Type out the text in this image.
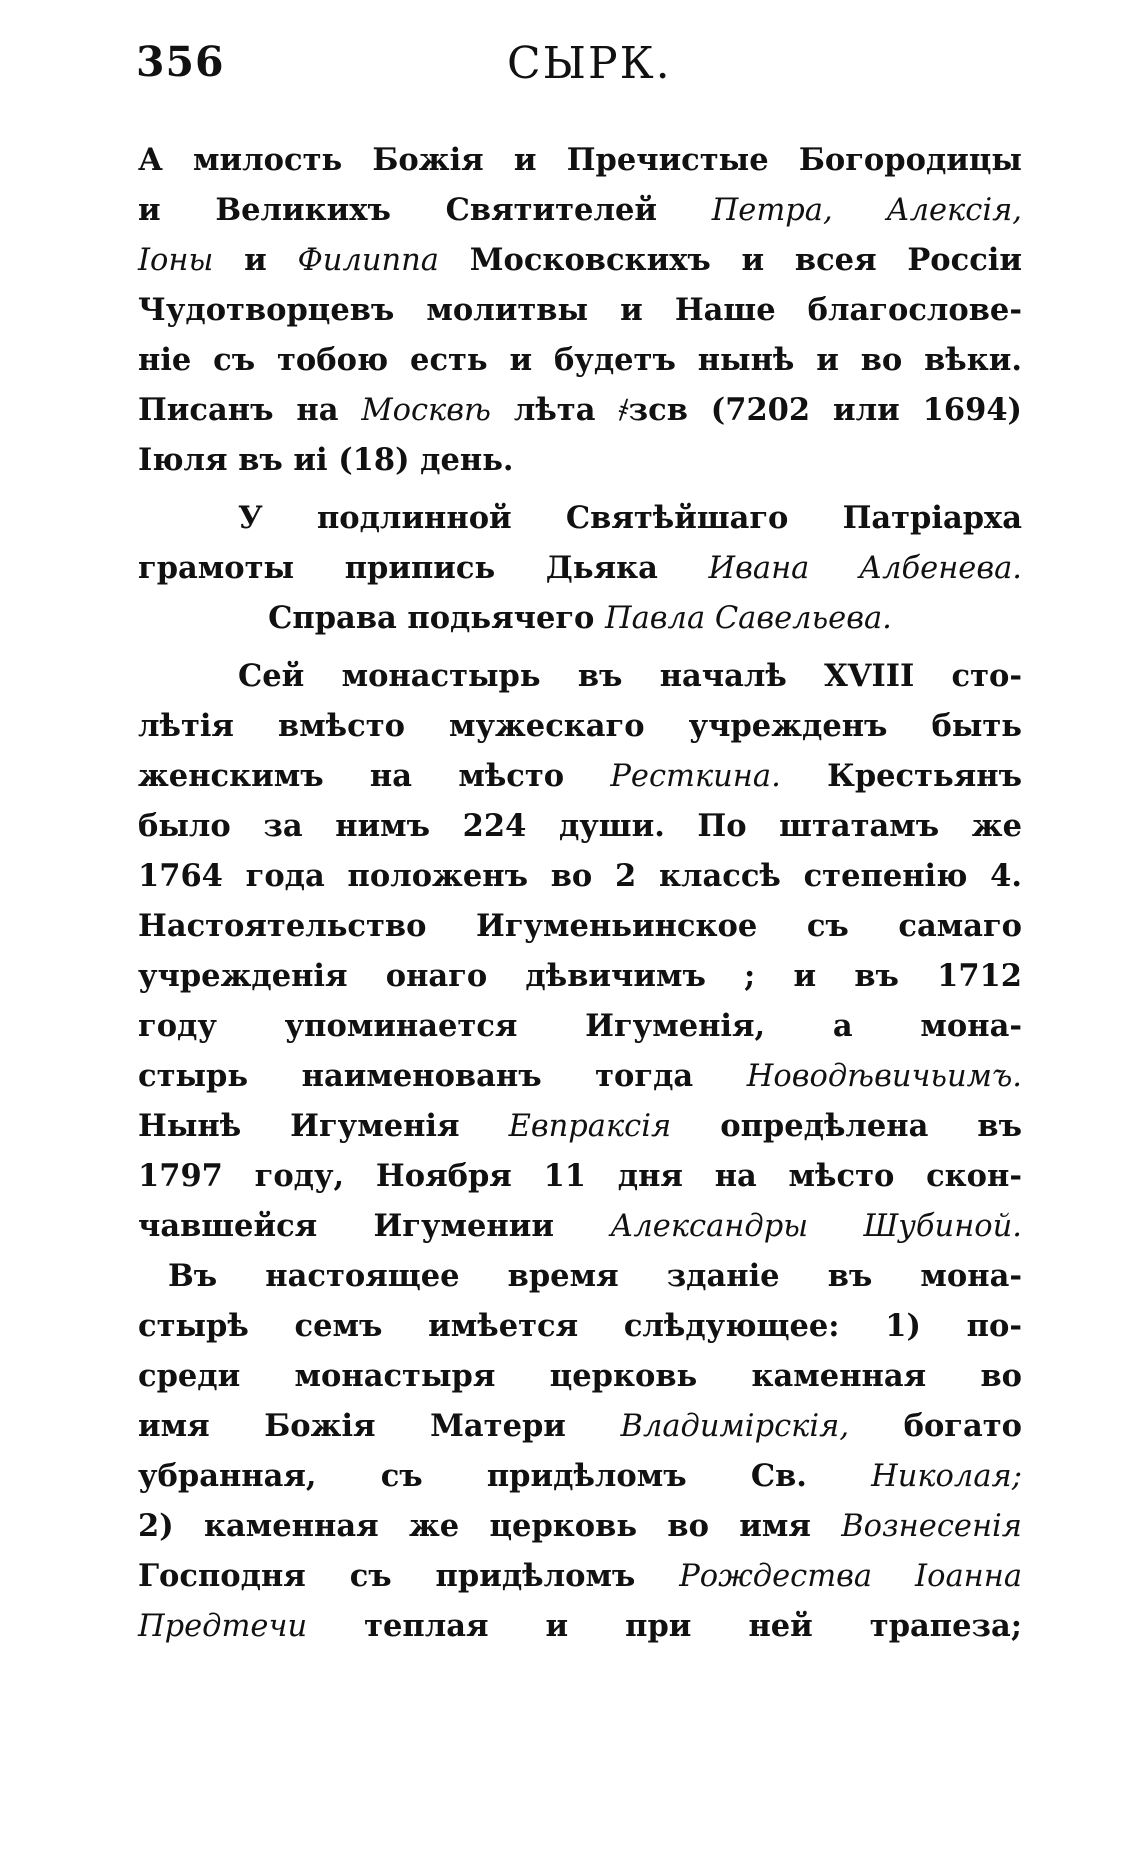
356	СЫРК.
А милость Божія и Пречистые Богородицы
и Великихъ Святителей Петра, Алексія,
Іоны и Филиппа Московскихъ и всея Россіи
Чудотворцевъ молитвы и Наше благослове-
ніе съ тобою есть и будетъ нынѣ и во вѣки.
Писанъ на Москвѣ лѣта ҂зсв (7202 или 1694)
Іюля въ иі (18) день.
У подлинной Святѣйшаго Патріарха
грамоты припись Дьяка Ивана Албенева.
Справа подьячего Павла Савельева.
Сей монастырь въ началѣ XVIII сто-
лѣтія вмѣсто мужескаго учрежденъ быть
женскимъ на мѣсто Ресткина. Крестьянъ
было за нимъ 224 души. По штатамъ же
1764 года положенъ во 2 классѣ степенію 4.
Настоятельство Игуменьинское съ самаго
учрежденія онаго дѣвичимъ ; и въ 1712
году упоминается Игуменія, а мона-
стырь наименованъ тогда Новодѣвичьимъ.
Нынѣ Игуменія Евпраксія опредѣлена въ
1797 году, Ноября 11 дня на мѣсто скон-
чавшейся Игумении Александры Шубиной.
Въ настоящее время зданіе въ мона-
стырѣ семъ имѣется слѣдующее: 1) по-
среди монастыря церковь каменная во
имя Божія Матери Владимірскія, богато
убранная, съ придѣломъ Св. Николая;
2) каменная же церковь во имя Вознесенія
Господня съ придѣломъ Рождества Іоанна
Предтечи теплая и при ней трапеза;
